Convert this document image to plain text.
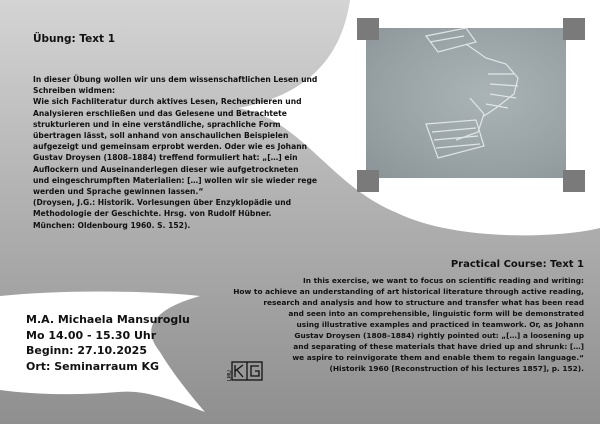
Übung: Text 1

In dieser Übung wollen wir uns dem wissenschaftlichen Lesen und

Schreiben widmen:

Wie sich Fachliteratur durch aktives Lesen, Recherchieren und

Analysieren erschließen und das Gelesene und Betrachtete

strukturieren und in eine verständliche, sprachliche Form

übertragen lässt, soll anhand von anschaulichen Beispielen

aufgezeigt und gemeinsam erprobt werden. Oder wie es Johann

Gustav Droysen (1808–1884) treffend formuliert hat: „[…] ein

Auflockern und Auseinanderlegen dieser wie aufgetrockneten

und eingeschrumpften Materialien: […] wollen wir sie wieder rege

werden und Sprache gewinnen lassen.“

(Droysen, J.G.: Historik. Vorlesungen über Enzyklopädie und

Methodologie der Geschichte. Hrsg. von Rudolf Hübner.

München: Oldenbourg 1960. S. 152).

Practical Course: Text 1

In this exercise, we want to focus on scientific reading and writing:

How to achieve an understanding of art historical literature through active reading,

research and analysis and how to structure and transfer what has been read

and seen into an comprehensible, linguistic form will be demonstrated

using illustrative examples and practiced in teamwork. Or, as Johann

Gustav Droysen (1808–1884) rightly pointed out: „[…] a loosening up

and separating of these materials that have dried up and shrunk: […]

we aspire to reinvigorate them and enable them to regain language.“

(Historik 1960 [Reconstruction of his lectures 1857], p. 152).

M.A. Michaela Mansuroglu
Mo 14.00 - 15.30 Uhr
Beginn: 27.10.2025
Ort: Seminarraum KG
LMU
